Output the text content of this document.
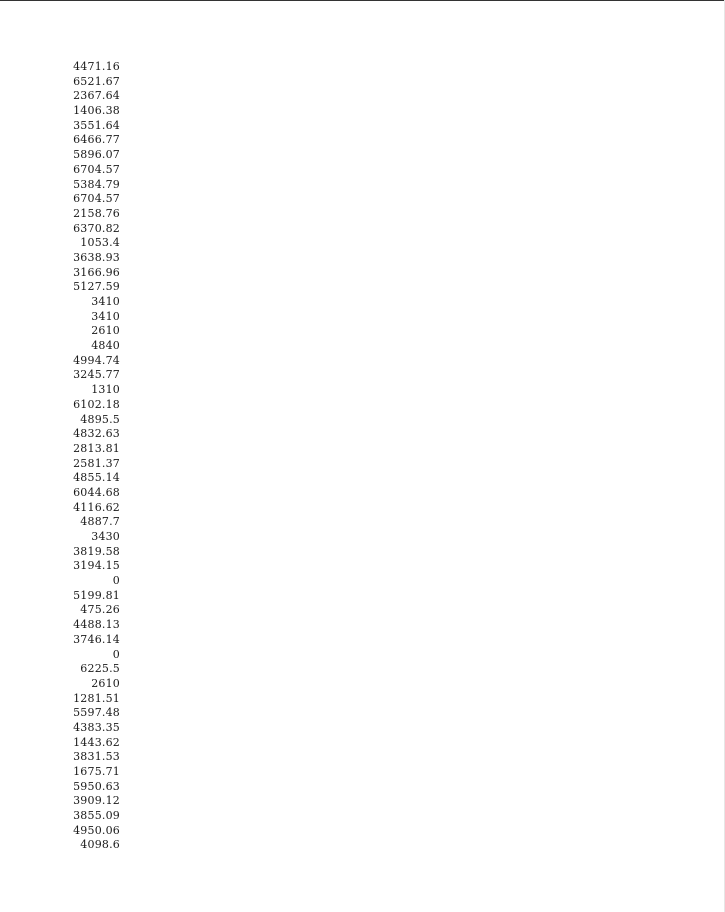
4471.16
6521.67
2367.64
1406.38
3551.64
6466.77
5896.07
6704.57
5384.79
6704.57
2158.76
6370.82
1053.4
3638.93
3166.96
5127.59
3410
3410
2610
4840
4994.74
3245.77
1310
6102.18
4895.5
4832.63
2813.81
2581.37
4855.14
6044.68
4116.62
4887.7
3430
3819.58
3194.15
0
5199.81
475.26
4488.13
3746.14
0
6225.5
2610
1281.51
5597.48
4383.35
1443.62
3831.53
1675.71
5950.63
3909.12
3855.09
4950.06
4098.6
